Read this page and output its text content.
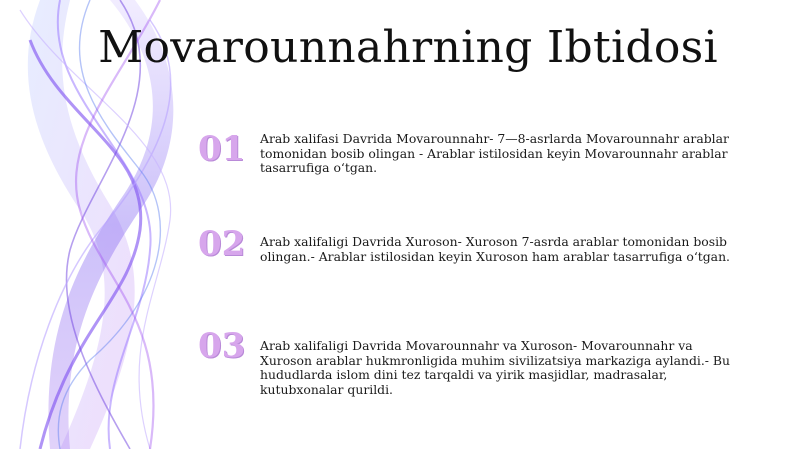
Movarounnahrning Ibtidosi
01 Arab xalifasi Davrida Movarounnahr- 7—8-asrlarda Movarounnahr arablar tomonidan bosib olingan - Arablar istilosidan keyin Movarounnahr arablar tasarrufiga o‘tgan.
02 Arab xalifaligi Davrida Xuroson- Xuroson 7-asrda arablar tomonidan bosib olingan.- Arablar istilosidan keyin Xuroson ham arablar tasarrufiga o‘tgan.
03 Arab xalifaligi Davrida Movarounnahr va Xuroson- Movarounnahr va Xuroson arablar hukmronligida muhim sivilizatsiya markaziga aylandi.- Bu hududlarda islom dini tez tarqaldi va yirik masjidlar, madrasalar, kutubxonalar qurildi.
